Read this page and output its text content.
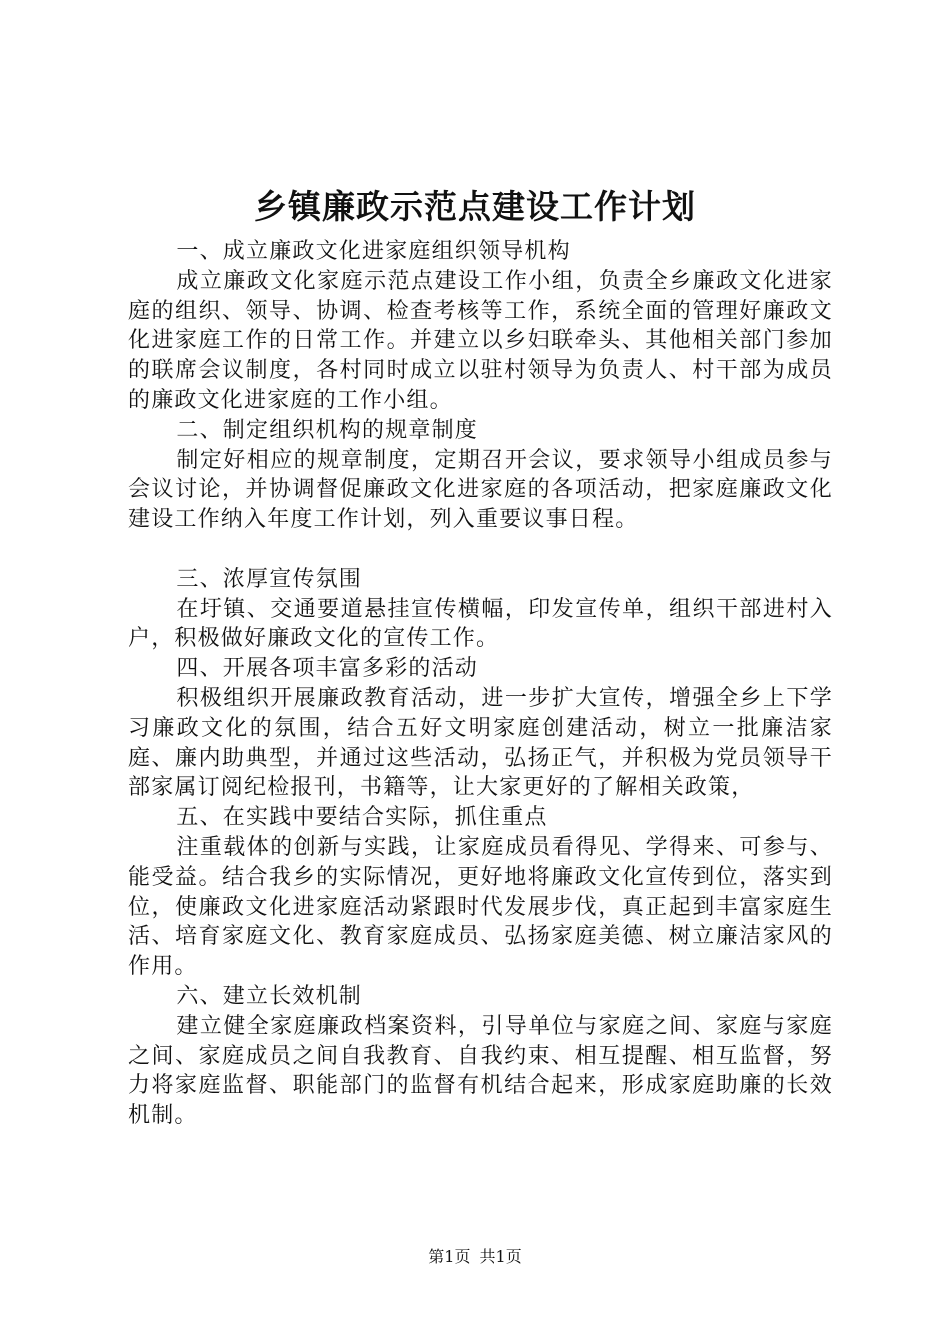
乡镇廉政示范点建设工作计划

一、成立廉政文化进家庭组织领导机构

成立廉政文化家庭示范点建设工作小组，负责全乡廉政文化进家庭的组织、领导、协调、检查考核等工作，系统全面的管理好廉政文化进家庭工作的日常工作。并建立以乡妇联牵头、其他相关部门参加的联席会议制度，各村同时成立以驻村领导为负责人、村干部为成员的廉政文化进家庭的工作小组。

二、制定组织机构的规章制度

制定好相应的规章制度，定期召开会议，要求领导小组成员参与会议讨论，并协调督促廉政文化进家庭的各项活动，把家庭廉政文化建设工作纳入年度工作计划，列入重要议事日程。

三、浓厚宣传氛围

在圩镇、交通要道悬挂宣传横幅，印发宣传单，组织干部进村入户，积极做好廉政文化的宣传工作。

四、开展各项丰富多彩的活动

积极组织开展廉政教育活动，进一步扩大宣传，增强全乡上下学习廉政文化的氛围，结合五好文明家庭创建活动，树立一批廉洁家庭、廉内助典型，并通过这些活动，弘扬正气，并积极为党员领导干部家属订阅纪检报刊，书籍等，让大家更好的了解相关政策，

五、在实践中要结合实际，抓住重点

注重载体的创新与实践，让家庭成员看得见、学得来、可参与、能受益。结合我乡的实际情况，更好地将廉政文化宣传到位，落实到位，使廉政文化进家庭活动紧跟时代发展步伐，真正起到丰富家庭生活、培育家庭文化、教育家庭成员、弘扬家庭美德、树立廉洁家风的作用。

六、建立长效机制

建立健全家庭廉政档案资料，引导单位与家庭之间、家庭与家庭之间、家庭成员之间自我教育、自我约束、相互提醒、相互监督，努力将家庭监督、职能部门的监督有机结合起来，形成家庭助廉的长效机制。

第1页 共1页
